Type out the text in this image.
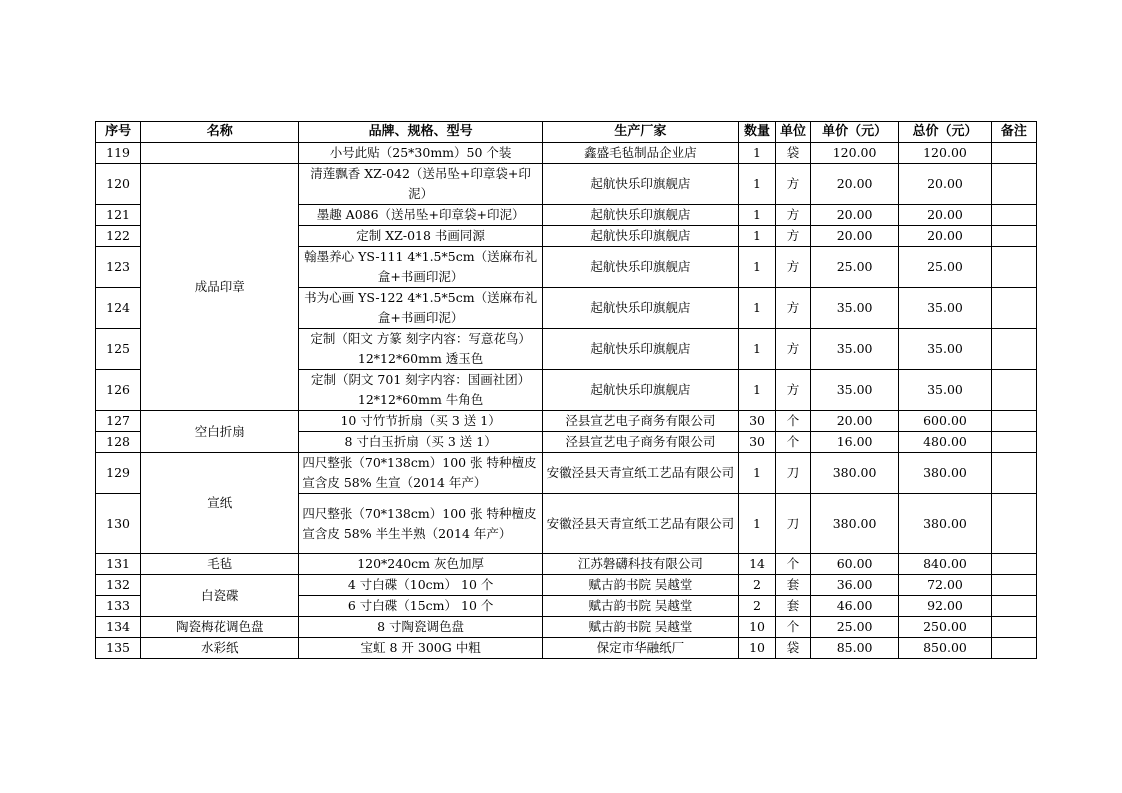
序号	名称	品牌、规格、型号	生产厂家	数量	单位	单价（元）	总价（元）	备注
119		小号此贴（25*30mm）50 个装	鑫盛毛毡制品企业店	1	袋	120.00	120.00	
120	成品印章	清莲飘香 XZ-042（送吊坠+印章袋+印泥）	起航快乐印旗舰店	1	方	20.00	20.00	
121		墨趣 A086（送吊坠+印章袋+印泥）	起航快乐印旗舰店	1	方	20.00	20.00	
122		定制 XZ-018 书画同源	起航快乐印旗舰店	1	方	20.00	20.00	
123		翰墨养心 YS-111 4*1.5*5cm（送麻布礼盒+书画印泥）	起航快乐印旗舰店	1	方	25.00	25.00	
124		书为心画 YS-122 4*1.5*5cm（送麻布礼盒+书画印泥）	起航快乐印旗舰店	1	方	35.00	35.00	
125		定制（阳文 方篆 刻字内容：写意花鸟）12*12*60mm 透玉色	起航快乐印旗舰店	1	方	35.00	35.00	
126		定制（阴文 701 刻字内容：国画社团）12*12*60mm 牛角色	起航快乐印旗舰店	1	方	35.00	35.00	
127	空白折扇	10 寸竹节折扇（买 3 送 1）	泾县宣艺电子商务有限公司	30	个	20.00	600.00	
128		8 寸白玉折扇（买 3 送 1）	泾县宣艺电子商务有限公司	30	个	16.00	480.00	
129	宣纸	四尺整张（70*138cm）100 张 特种檀皮宣含皮 58% 生宣（2014 年产）	安徽泾县天青宣纸工艺品有限公司	1	刀	380.00	380.00	
130		四尺整张（70*138cm）100 张 特种檀皮宣含皮 58% 半生半熟（2014 年产）	安徽泾县天青宣纸工艺品有限公司	1	刀	380.00	380.00	
131	毛毡	120*240cm 灰色加厚	江苏磐礴科技有限公司	14	个	60.00	840.00	
132	白瓷碟	4 寸白碟（10cm） 10 个	赋古韵书院 吴越堂	2	套	36.00	72.00	
133		6 寸白碟（15cm） 10 个	赋古韵书院 吴越堂	2	套	46.00	92.00	
134	陶瓷梅花调色盘	8 寸陶瓷调色盘	赋古韵书院 吴越堂	10	个	25.00	250.00	
135	水彩纸	宝虹 8 开 300G 中粗	保定市华融纸厂	10	袋	85.00	850.00	
